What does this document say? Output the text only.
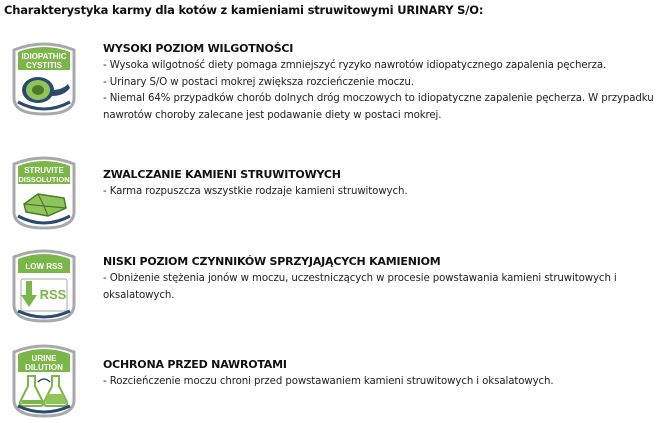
Charakterystyka karmy dla kotów z kamieniami struwitowymi URINARY S/O:
IDIOPATHIC
CYSTITIS
WYSOKI POZIOM WILGOTNOŚCI

- Wysoka wilgotność diety pomaga zmniejszyć ryzyko nawrotów idiopatycznego zapalenia pęcherza.

- Urinary S/O w postaci mokrej zwiększa rozcieńczenie moczu.

- Niemal 64% przypadków chorób dolnych dróg moczowych to idiopatyczne zapalenie pęcherza. W przypadku

nawrotów choroby zalecane jest podawanie diety w postaci mokrej.

STRUVITE
DISSOLUTION	ZWALCZANIE KAMIENI STRUWITOWYCH

- Karma rozpuszcza wszystkie rodzaje kamieni struwitowych.

LOW RSS
RSS
NISKI POZIOM CZYNNIKÓW SPRZYJAJĄCYCH KAMIENIOM

- Obniżenie stężenia jonów w moczu, uczestniczących w procesie powstawania kamieni struwitowych i

oksalatowych.

URINE
DILUTION	OCHRONA PRZED NAWROTAMI

- Rozcieńczenie moczu chroni przed powstawaniem kamieni struwitowych i oksalatowych.
